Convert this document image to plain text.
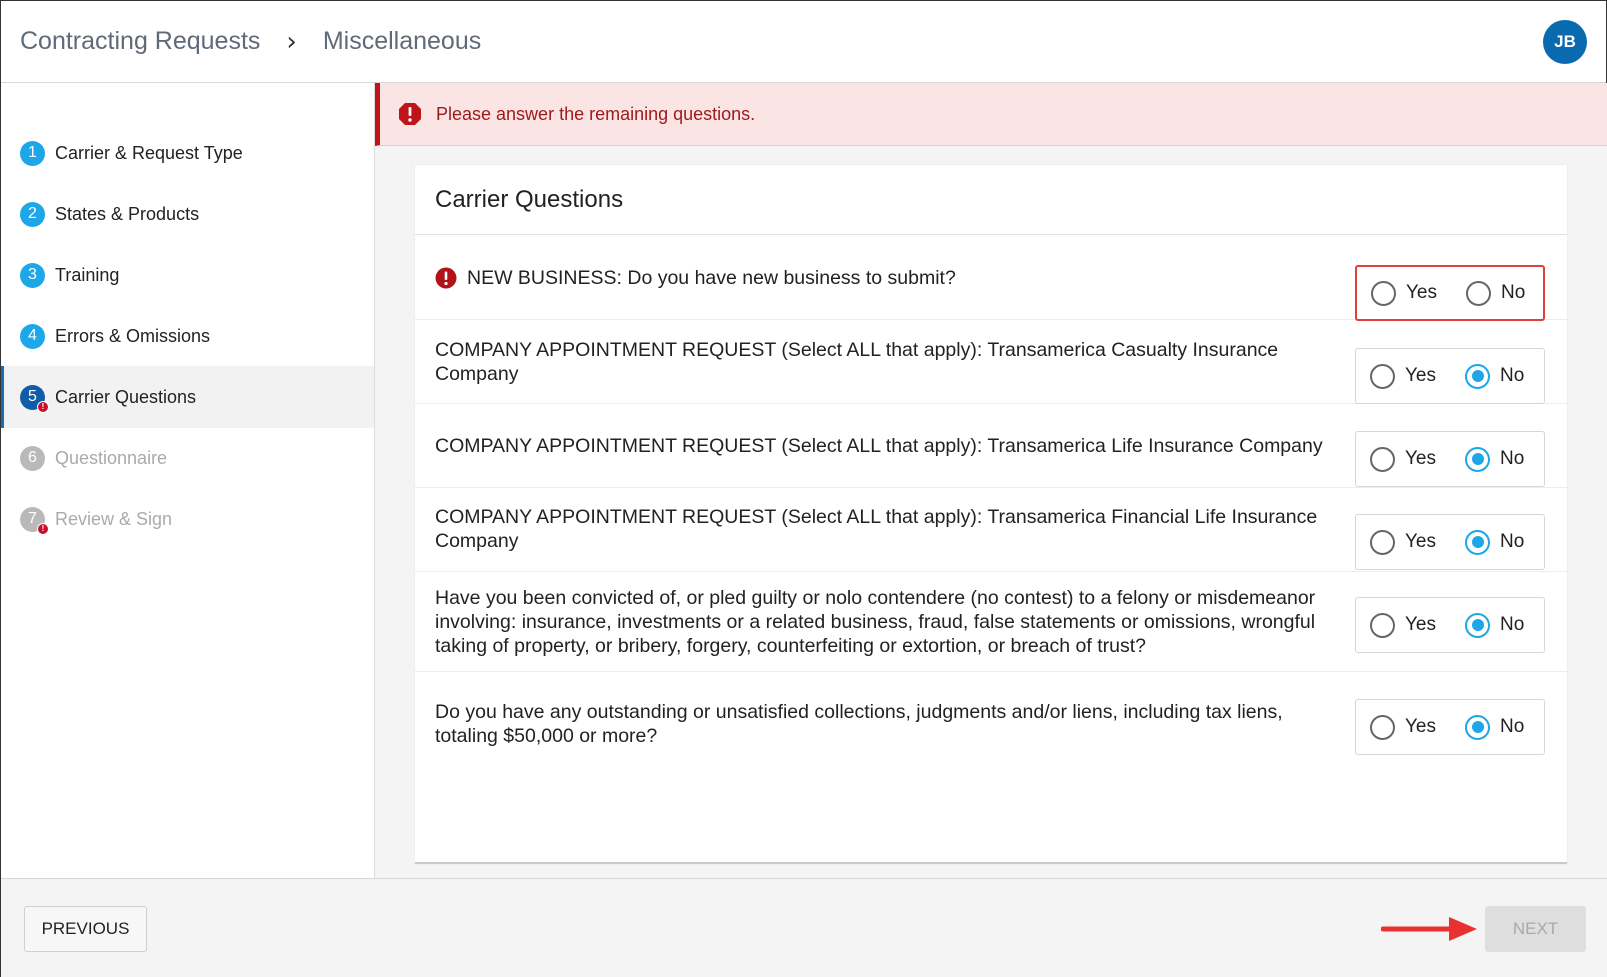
Contracting Requests › Miscellaneous	JB
1 Carrier & Request Type
2 States & Products
3 Training
4 Errors & Omissions
5
! Carrier Questions
6 Questionnaire
7
! Review & Sign
Please answer the remaining questions.
Carrier Questions
NEW BUSINESS: Do you have new business to submit?
Yes	No
COMPANY APPOINTMENT REQUEST (Select ALL that apply): Transamerica Casualty Insurance Company	Yes	No
COMPANY APPOINTMENT REQUEST (Select ALL that apply): Transamerica Life Insurance Company
Yes	No
COMPANY APPOINTMENT REQUEST (Select ALL that apply): Transamerica Financial Life Insurance Company	Yes	No
Have you been convicted of, or pled guilty or nolo contendere (no contest) to a felony or misdemeanor involving: insurance, investments or a related business, fraud, false statements or omissions, wrongful taking of property, or bribery, forgery, counterfeiting or extortion, or breach of trust?
Yes	No
Do you have any outstanding or unsatisfied collections, judgments and/or liens, including tax liens, totaling $50,000 or more?	Yes	No
PREVIOUS	NEXT
